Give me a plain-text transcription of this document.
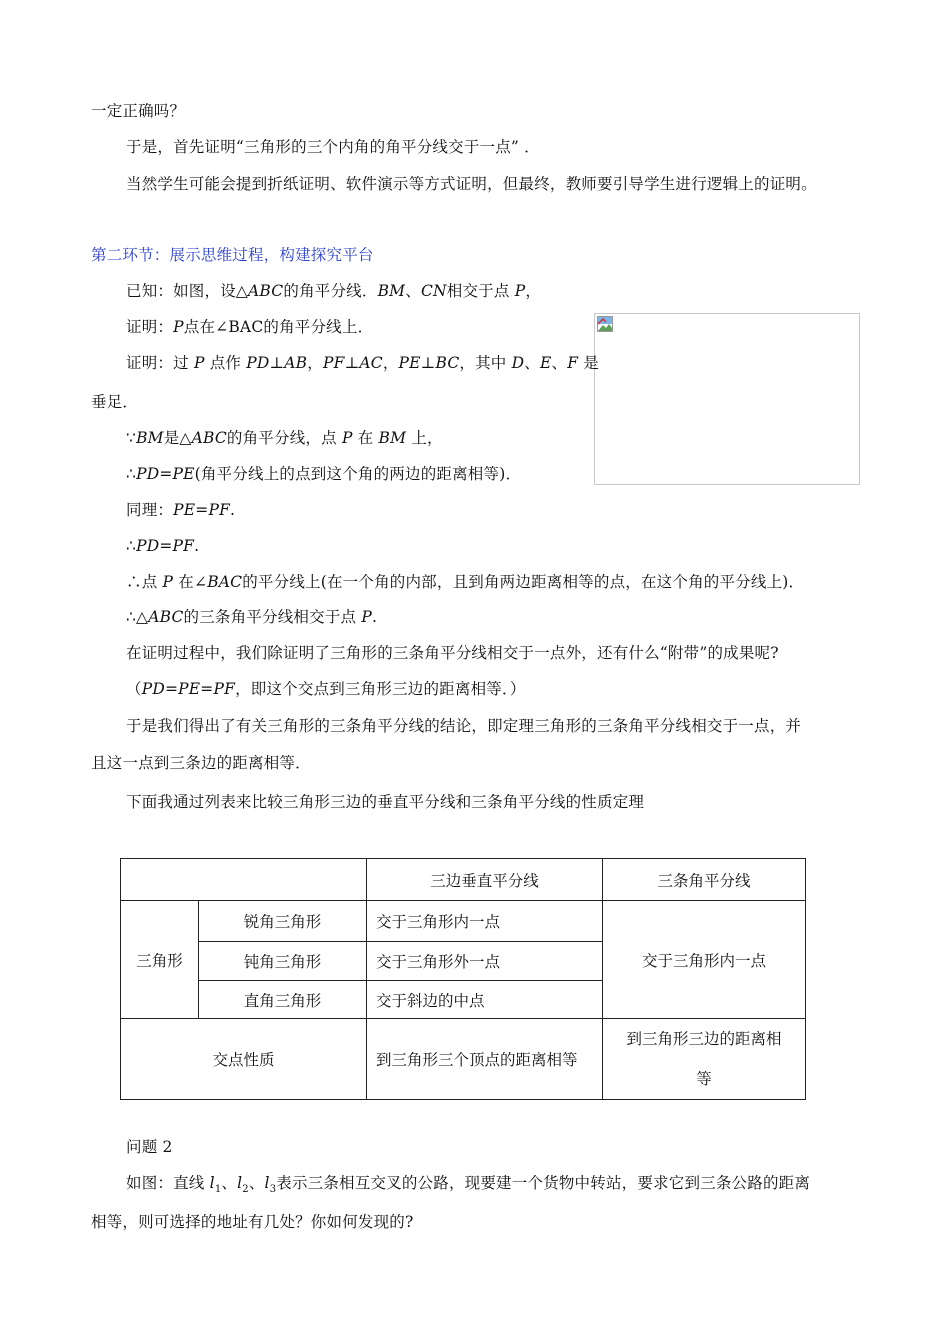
一定正确吗？
于是，首先证明“三角形的三个内角的角平分线交于一点” ．
当然学生可能会提到折纸证明、软件演示等方式证明，但最终，教师要引导学生进行逻辑上的证明。
第二环节：展示思维过程，构建探究平台
已知：如图，设△ABC的角平分线．BM、CN相交于点 P，
证明：P点在∠BAC的角平分线上．
证明：过 P 点作 PD⊥AB，PF⊥AC，PE⊥BC，其中 D、E、F 是
垂足．
∵BM是△ABC的角平分线，点 P 在 BM 上，
∴PD=PE(角平分线上的点到这个角的两边的距离相等)．
同理：PE=PF.
∴PD=PF.
∴点 P 在∠BAC的平分线上(在一个角的内部，且到角两边距离相等的点，在这个角的平分线上)．
∴△ABC的三条角平分线相交于点 P.
在证明过程中，我们除证明了三角形的三条角平分线相交于一点外，还有什么“附带”的成果呢?
（PD=PE=PF，即这个交点到三角形三边的距离相等．）
于是我们得出了有关三角形的三条角平分线的结论，即定理三角形的三条角平分线相交于一点，并
且这一点到三条边的距离相等．
下面我通过列表来比较三角形三边的垂直平分线和三条角平分线的性质定理
		三边垂直平分线	三条角平分线
三角形	锐角三角形	交于三角形内一点	交于三角形内一点
	钝角三角形	交于三角形外一点	
	直角三角形	交于斜边的中点	
交点性质		到三角形三个顶点的距离相等	到三角形三边的距离相
等
问题 2
如图：直线 $l_1$、$l_2$、$l_3$表示三条相互交叉的公路，现要建一个货物中转站，要求它到三条公路的距离
相等，则可选择的地址有几处？你如何发现的?
